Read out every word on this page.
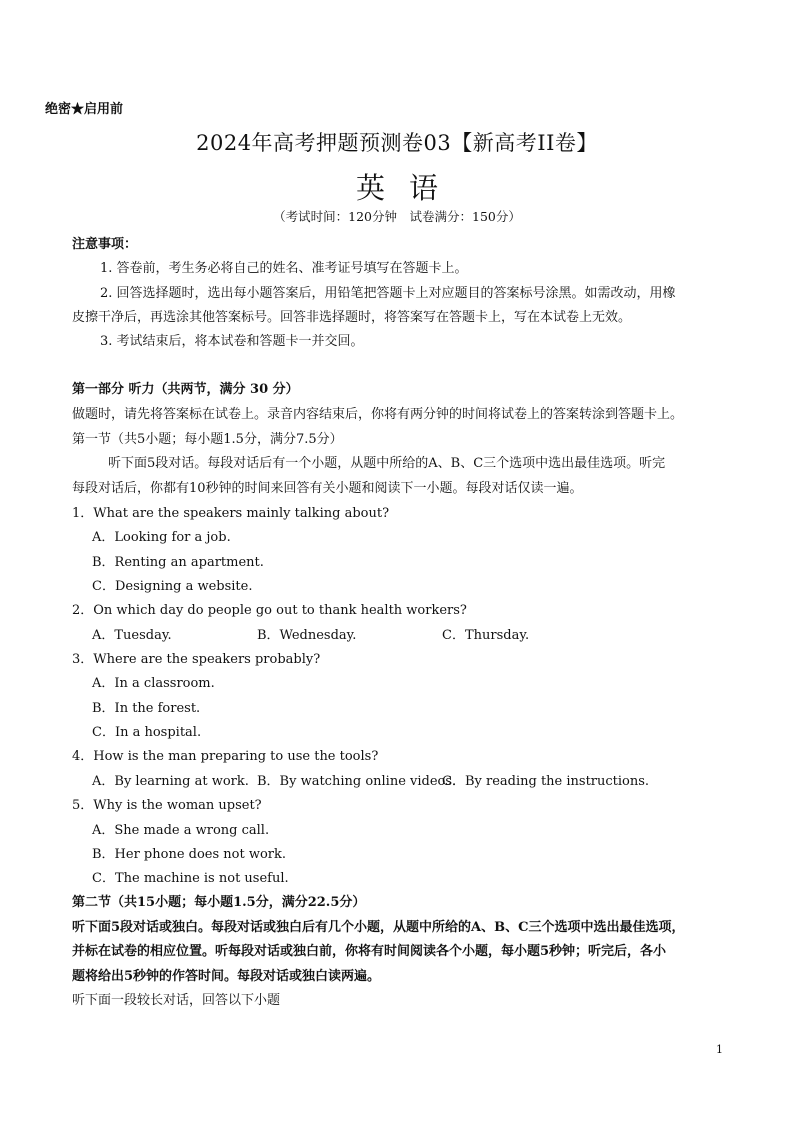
绝密★启用前
2024年高考押题预测卷03【新高考II卷】
英语
（考试时间：120分钟　试卷满分：150分）
注意事项：
1. 答卷前，考生务必将自己的姓名、准考证号填写在答题卡上。
2. 回答选择题时，选出每小题答案后，用铅笔把答题卡上对应题目的答案标号涂黑。如需改动，用橡
皮擦干净后，再选涂其他答案标号。回答非选择题时，将答案写在答题卡上，写在本试卷上无效。
3. 考试结束后，将本试卷和答题卡一并交回。
第一部分 听力（共两节，满分 30 分）
做题时，请先将答案标在试卷上。录音内容结束后，你将有两分钟的时间将试卷上的答案转涂到答题卡上。
第一节（共5小题；每小题1.5分，满分7.5分）
听下面5段对话。每段对话后有一个小题，从题中所给的A、B、C三个选项中选出最佳选项。听完
每段对话后，你都有10秒钟的时间来回答有关小题和阅读下一小题。每段对话仅读一遍。
1．What are the speakers mainly talking about?
A．Looking for a job.
B．Renting an apartment.
C．Designing a website.
2．On which day do people go out to thank health workers?
A．Tuesday.	B．Wednesday.	C．Thursday.
3．Where are the speakers probably?
A．In a classroom.
B．In the forest.
C．In a hospital.
4．How is the man preparing to use the tools?
A．By learning at work. B．By watching online videos.
C．By reading the instructions.
5．Why is the woman upset?
A．She made a wrong call.
B．Her phone does not work.
C．The machine is not useful.
第二节（共15小题；每小题1.5分，满分22.5分）
听下面5段对话或独白。每段对话或独白后有几个小题，从题中所给的A、B、C三个选项中选出最佳选项，
并标在试卷的相应位置。听每段对话或独白前，你将有时间阅读各个小题，每小题5秒钟；听完后，各小
题将给出5秒钟的作答时间。每段对话或独白读两遍。
听下面一段较长对话，回答以下小题
1
